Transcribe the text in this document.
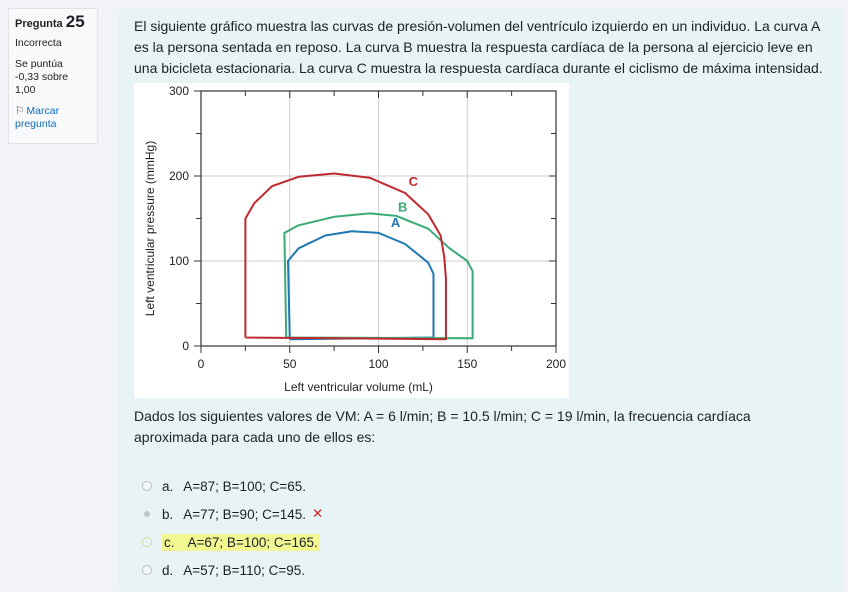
Pregunta 25
Incorrecta
Se puntúa
-0,33 sobre
1,00
⚐ Marcar pregunta

El siguiente gráfico muestra las curvas de presión-volumen del ventrículo izquierdo en un individuo. La curva A es la persona sentada en reposo. La curva B muestra la respuesta cardíaca de la persona al ejercicio leve en una bicicleta estacionaria. La curva C muestra la respuesta cardíaca durante el ciclismo de máxima intensidad.

0	50	100	150	200
0
100
200
300
Left ventricular volume (mL)
Left ventricular pressure (mmHg)	C
B
A

Dados los siguientes valores de VM: A = 6 l/min; B = 10.5 l/min; C = 19 l/min, la frecuencia cardíaca aproximada para cada uno de ellos es:

a. A=87; B=100; C=65.
b. A=77; B=90; C=145. ✕
c. A=67; B=100; C=165.
d. A=57; B=110; C=95.
